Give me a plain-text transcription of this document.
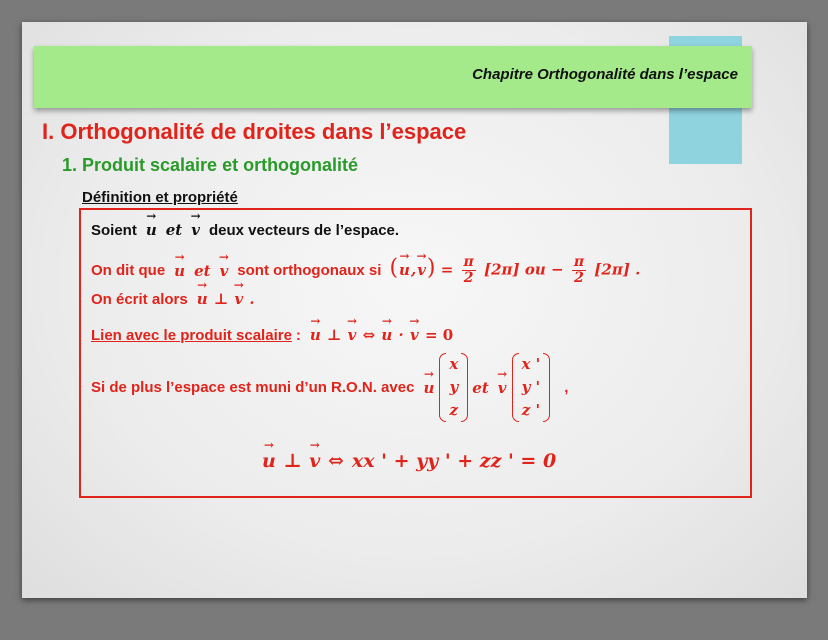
Chapitre Orthogonalité dans l’espace
I. Orthogonalité de droites dans l’espace
1. Produit scalaire et orthogonalité
Définition et propriété
Soient → u et → v deux vecteurs de l’espace.
On dit que → u et → v sont orthogonaux si (→ $u,\to v) = \frac{\pi}{2} [2\pi]$ ou − $\frac{\pi}{2} [2\pi]$ .
On écrit alors → u ⊥ → v .
Lien avec le produit scalaire : → u ⊥ → v ⇔ → u · → v = 0
Si de plus l’espace est muni d’un R.O.N. avec → u
x
y
z
et → v
x '
y '
z '
,
→ u ⊥ → v ⇔ xx ' + yy ' + zz ' = 0
